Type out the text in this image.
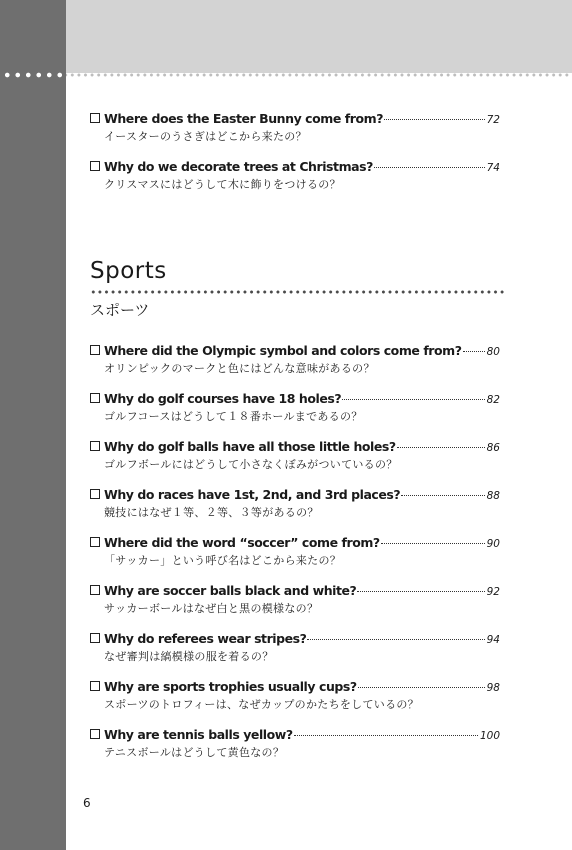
Where does the Easter Bunny come from?	72
イースターのうさぎはどこから来たの？
Why do we decorate trees at Christmas?	74
クリスマスにはどうして木に飾りをつけるの？
Sports
スポーツ
Where did the Olympic symbol and colors come from? 80
オリンピックのマークと色にはどんな意味があるの？
Why do golf courses have 18 holes?	82
ゴルフコースはどうして１８番ホールまであるの？
Why do golf balls have all those little holes?	86
ゴルフボールにはどうして小さなくぼみがついているの？
Why do races have 1st, 2nd, and 3rd places?	88
競技にはなぜ１等、２等、３等があるの？
Where did the word “soccer” come from?	90
「サッカー」という呼び名はどこから来たの？
Why are soccer balls black and white?	92
サッカーボールはなぜ白と黒の模様なの？
Why do referees wear stripes?	94
なぜ審判は縞模様の服を着るの？
Why are sports trophies usually cups?	98
スポーツのトロフィーは、なぜカップのかたちをしているの？
Why are tennis balls yellow?	100
テニスボールはどうして黄色なの？
6
